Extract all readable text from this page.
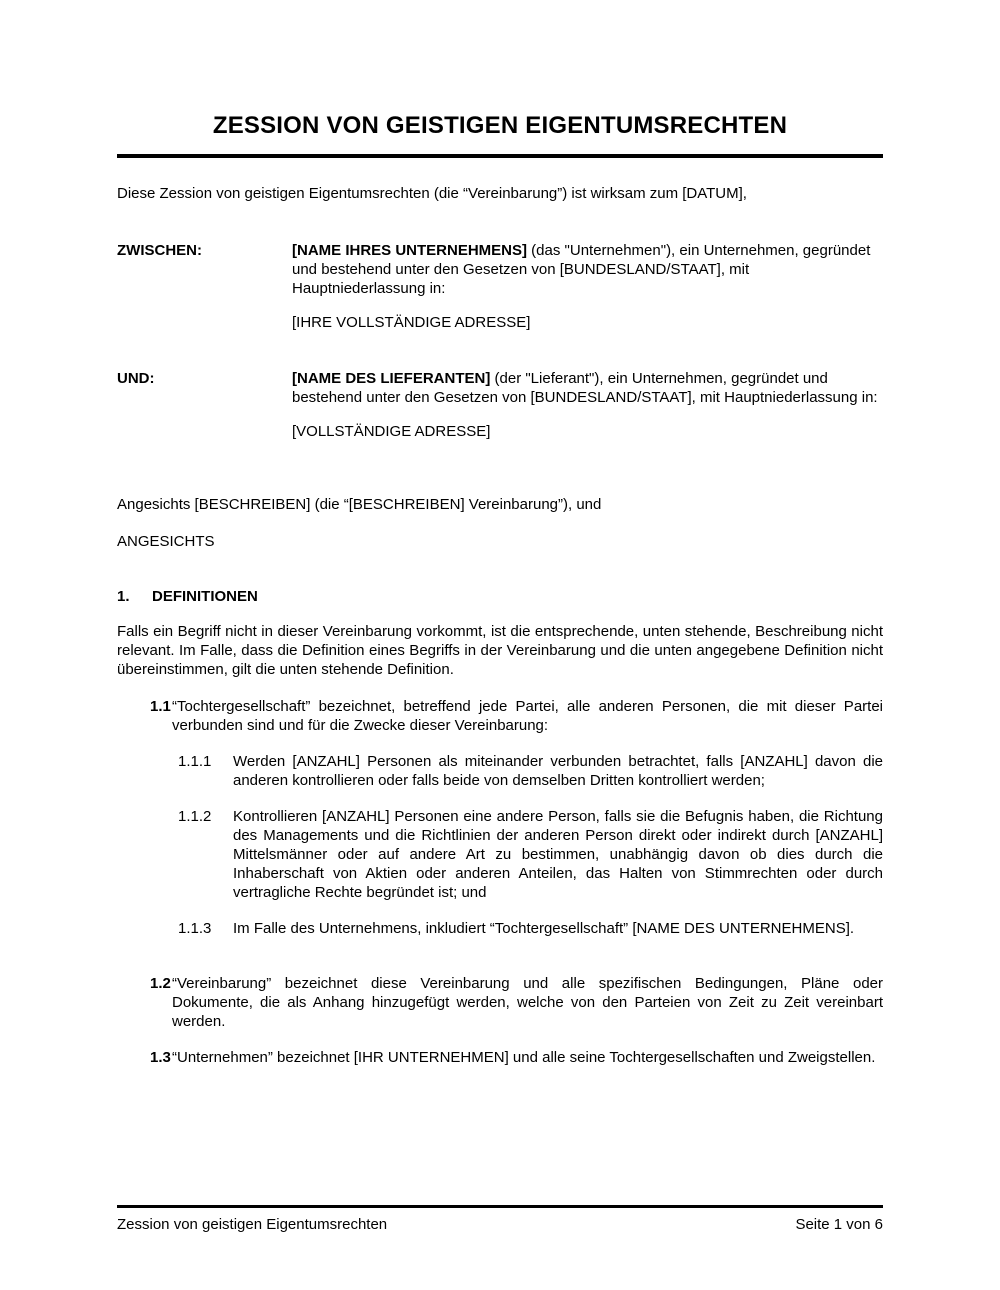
ZESSION VON GEISTIGEN EIGENTUMSRECHTEN
Diese Zession von geistigen Eigentumsrechten (die “Vereinbarung”) ist wirksam zum [DATUM],
ZWISCHEN:	[NAME IHRES UNTERNEHMENS] (das "Unternehmen"), ein Unternehmen, gegründet und bestehend unter den Gesetzen von [BUNDESLAND/STAAT], mit Hauptniederlassung in:
[IHRE VOLLSTÄNDIGE ADRESSE]
UND:	[NAME DES LIEFERANTEN] (der "Lieferant"), ein Unternehmen, gegründet und bestehend unter den Gesetzen von [BUNDESLAND/STAAT], mit Hauptniederlassung in:
[VOLLSTÄNDIGE ADRESSE]
Angesichts [BESCHREIBEN] (die “[BESCHREIBEN] Vereinbarung”), und
ANGESICHTS
1. DEFINITIONEN
Falls ein Begriff nicht in dieser Vereinbarung vorkommt, ist die entsprechende, unten stehende, Beschreibung nicht relevant. Im Falle, dass die Definition eines Begriffs in der Vereinbarung und die unten angegebene Definition nicht übereinstimmen, gilt die unten stehende Definition.
1.1 “Tochtergesellschaft” bezeichnet, betreffend jede Partei, alle anderen Personen, die mit dieser Partei verbunden sind und für die Zwecke dieser Vereinbarung:
1.1.1 Werden [ANZAHL] Personen als miteinander verbunden betrachtet, falls [ANZAHL] davon die anderen kontrollieren oder falls beide von demselben Dritten kontrolliert werden;
1.1.2 Kontrollieren [ANZAHL] Personen eine andere Person, falls sie die Befugnis haben, die Richtung des Managements und die Richtlinien der anderen Person direkt oder indirekt durch [ANZAHL] Mittelsmänner oder auf andere Art zu bestimmen, unabhängig davon ob dies durch die Inhaberschaft von Aktien oder anderen Anteilen, das Halten von Stimmrechten oder durch vertragliche Rechte begründet ist; und
1.1.3 Im Falle des Unternehmens, inkludiert “Tochtergesellschaft” [NAME DES UNTERNEHMENS].
1.2 “Vereinbarung” bezeichnet diese Vereinbarung und alle spezifischen Bedingungen, Pläne oder Dokumente, die als Anhang hinzugefügt werden, welche von den Parteien von Zeit zu Zeit vereinbart werden.
1.3 “Unternehmen” bezeichnet [IHR UNTERNEHMEN] und alle seine Tochtergesellschaften und Zweigstellen.
Zession von geistigen Eigentumsrechten	Seite 1 von 6
